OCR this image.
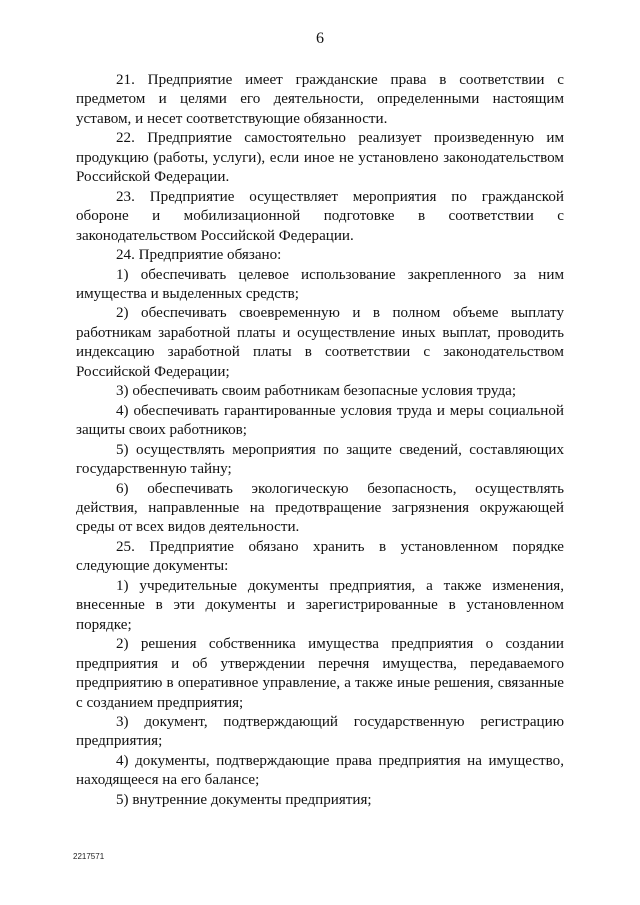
6

21. Предприятие имеет гражданские права в соответствии с предметом и целями его деятельности, определенными настоящим уставом, и несет соответствующие обязанности.

22. Предприятие самостоятельно реализует произведенную им продукцию (работы, услуги), если иное не установлено законодательством Российской Федерации.

23. Предприятие осуществляет мероприятия по гражданской обороне и мобилизационной подготовке в соответствии с законодательством Российской Федерации.

24. Предприятие обязано:

1) обеспечивать целевое использование закрепленного за ним имущества и выделенных средств;

2) обеспечивать своевременную и в полном объеме выплату работникам заработной платы и осуществление иных выплат, проводить индексацию заработной платы в соответствии с законодательством Российской Федерации;

3) обеспечивать своим работникам безопасные условия труда;

4) обеспечивать гарантированные условия труда и меры социальной защиты своих работников;

5) осуществлять мероприятия по защите сведений, составляющих государственную тайну;

6) обеспечивать экологическую безопасность, осуществлять действия, направленные на предотвращение загрязнения окружающей среды от всех видов деятельности.

25. Предприятие обязано хранить в установленном порядке следующие документы:

1) учредительные документы предприятия, а также изменения, внесенные в эти документы и зарегистрированные в установленном порядке;

2) решения собственника имущества предприятия о создании предприятия и об утверждении перечня имущества, передаваемого предприятию в оперативное управление, а также иные решения, связанные с созданием предприятия;

3) документ, подтверждающий государственную регистрацию предприятия;

4) документы, подтверждающие права предприятия на имущество, находящееся на его балансе;

5) внутренние документы предприятия;

2217571
